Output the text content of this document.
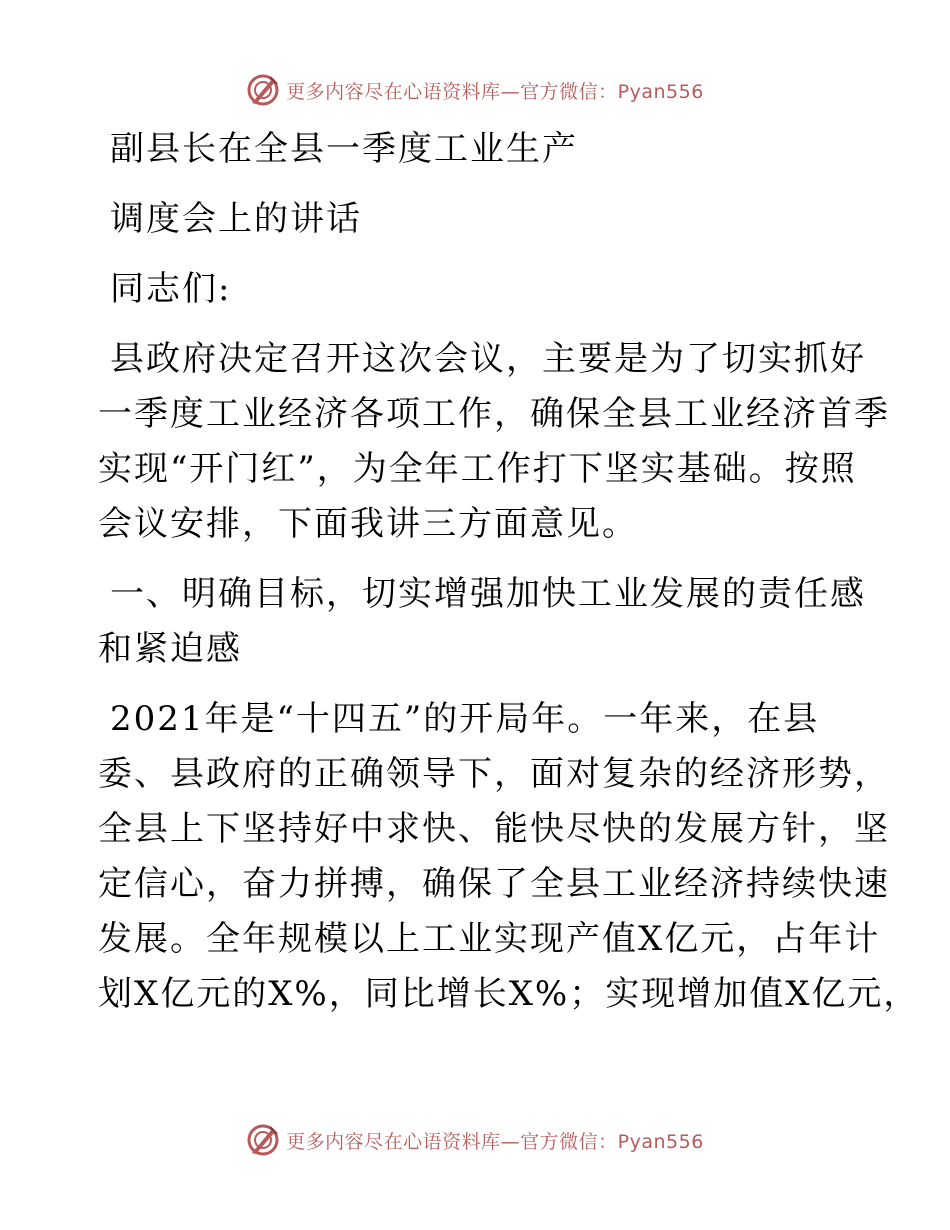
更多内容尽在心语资料库—官方微信：Pyan556
副县长在全县一季度工业生产
调度会上的讲话
同志们:
县政府决定召开这次会议，主要是为了切实抓好
一季度工业经济各项工作，确保全县工业经济首季
实现“开门红”，为全年工作打下坚实基础。按照
会议安排，下面我讲三方面意见。
一、明确目标，切实增强加快工业发展的责任感
和紧迫感
2021年是“十四五”的开局年。一年来，在县
委、县政府的正确领导下，面对复杂的经济形势，
全县上下坚持好中求快、能快尽快的发展方针，坚
定信心，奋力拼搏，确保了全县工业经济持续快速
发展。全年规模以上工业实现产值X亿元，占年计
划X亿元的X%，同比增长X%；实现增加值X亿元，
更多内容尽在心语资料库—官方微信：Pyan556
